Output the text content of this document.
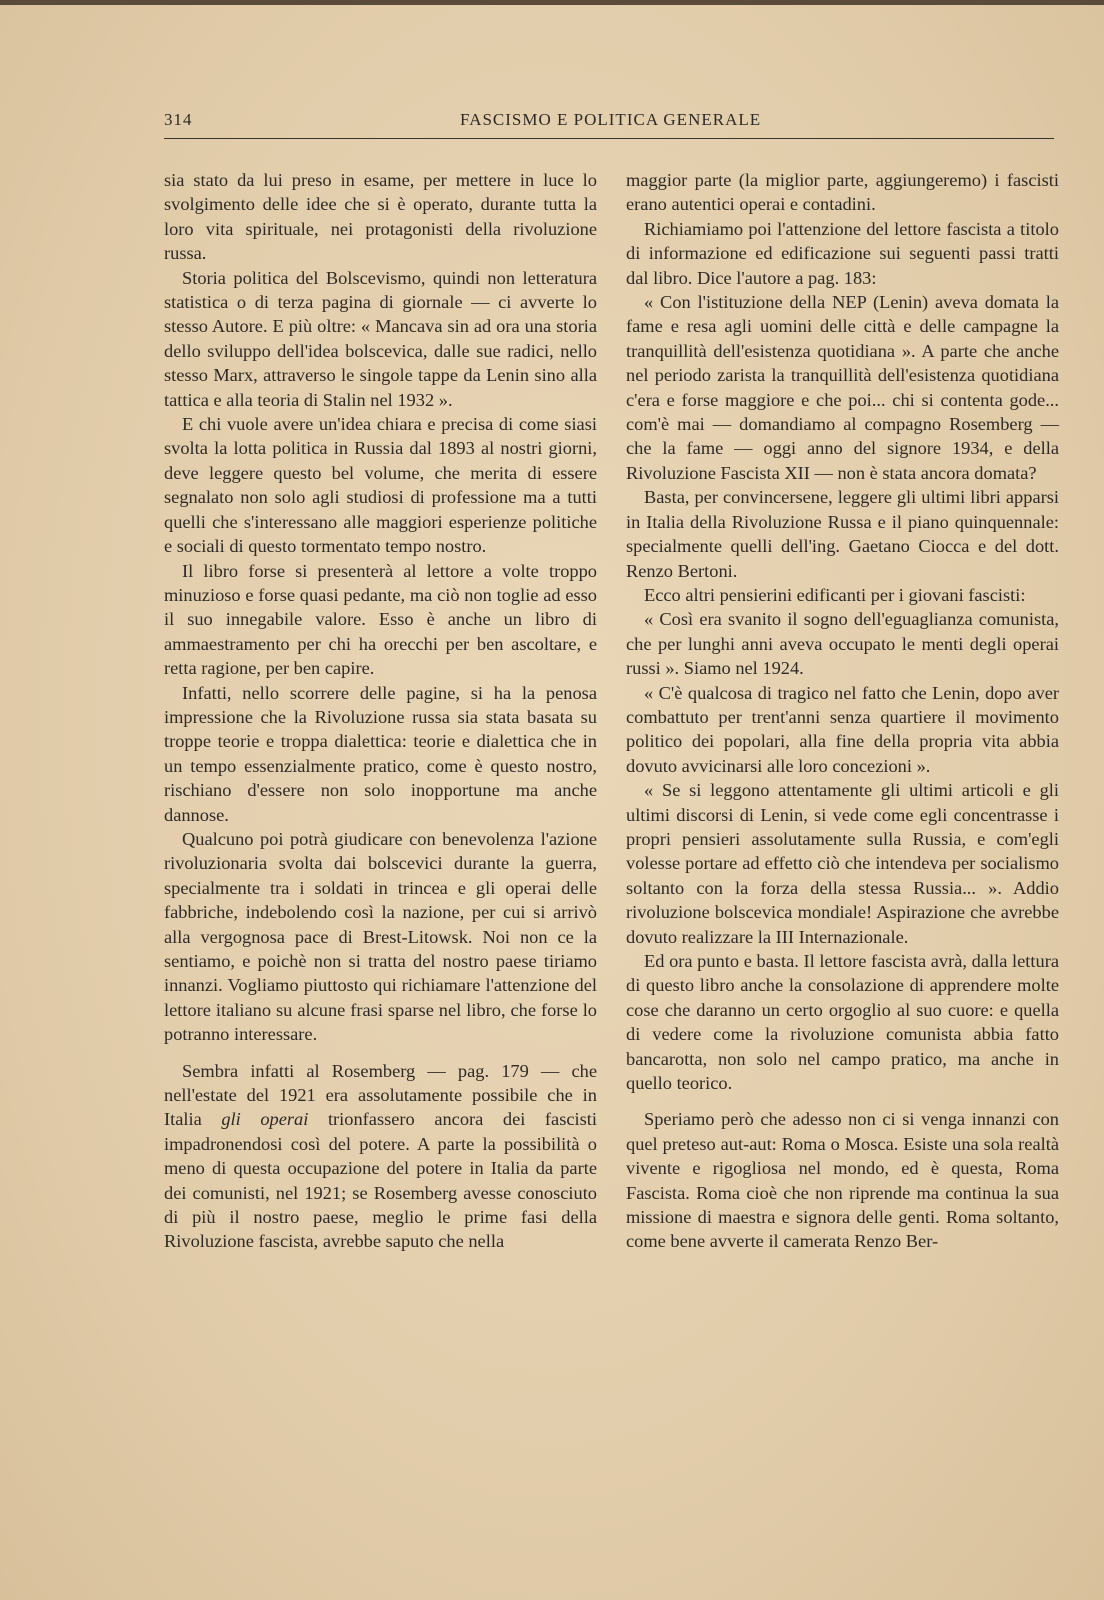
314	FASCISMO E POLITICA GENERALE

sia stato da lui preso in esame, per mettere in luce lo svolgimento delle idee che si è operato, durante tutta la loro vita spirituale, nei protagonisti della rivoluzione russa.

Storia politica del Bolscevismo, quindi non letteratura statistica o di terza pagina di giornale — ci avverte lo stesso Autore. E più oltre: « Mancava sin ad ora una storia dello sviluppo dell'idea bolscevica, dalle sue radici, nello stesso Marx, attraverso le singole tappe da Lenin sino alla tattica e alla teoria di Stalin nel 1932 ».

E chi vuole avere un'idea chiara e precisa di come siasi svolta la lotta politica in Russia dal 1893 al nostri giorni, deve leggere questo bel volume, che merita di essere segnalato non solo agli studiosi di professione ma a tutti quelli che s'interessano alle maggiori esperienze politiche e sociali di questo tormentato tempo nostro.

Il libro forse si presenterà al lettore a volte troppo minuzioso e forse quasi pedante, ma ciò non toglie ad esso il suo innegabile valore. Esso è anche un libro di ammaestramento per chi ha orecchi per ben ascoltare, e retta ragione, per ben capire.

Infatti, nello scorrere delle pagine, si ha la penosa impressione che la Rivoluzione russa sia stata basata su troppe teorie e troppa dialettica: teorie e dialettica che in un tempo essenzialmente pratico, come è questo nostro, rischiano d'essere non solo inopportune ma anche dannose.

Qualcuno poi potrà giudicare con benevolenza l'azione rivoluzionaria svolta dai bolscevici durante la guerra, specialmente tra i soldati in trincea e gli operai delle fabbriche, indebolendo così la nazione, per cui si arrivò alla vergognosa pace di Brest-Litowsk. Noi non ce la sentiamo, e poichè non si tratta del nostro paese tiriamo innanzi. Vogliamo piuttosto qui richiamare l'attenzione del lettore italiano su alcune frasi sparse nel libro, che forse lo potranno interessare.

Sembra infatti al Rosemberg — pag. 179 — che nell'estate del 1921 era assolutamente possibile che in Italia gli operai trionfassero ancora dei fascisti impadronendosi così del potere. A parte la possibilità o meno di questa occupazione del potere in Italia da parte dei comunisti, nel 1921; se Rosemberg avesse conosciuto di più il nostro paese, meglio le prime fasi della Rivoluzione fascista, avrebbe saputo che nella

maggior parte (la miglior parte, aggiungeremo) i fascisti erano autentici operai e contadini.

Richiamiamo poi l'attenzione del lettore fascista a titolo di informazione ed edificazione sui seguenti passi tratti dal libro. Dice l'autore a pag. 183:

« Con l'istituzione della NEP (Lenin) aveva domata la fame e resa agli uomini delle città e delle campagne la tranquillità dell'esistenza quotidiana ». A parte che anche nel periodo zarista la tranquillità dell'esistenza quotidiana c'era e forse maggiore e che poi... chi si contenta gode... com'è mai — domandiamo al compagno Rosemberg — che la fame — oggi anno del signore 1934, e della Rivoluzione Fascista XII — non è stata ancora domata?

Basta, per convincersene, leggere gli ultimi libri apparsi in Italia della Rivoluzione Russa e il piano quinquennale: specialmente quelli dell'ing. Gaetano Ciocca e del dott. Renzo Bertoni.

Ecco altri pensierini edificanti per i giovani fascisti:

« Così era svanito il sogno dell'eguaglianza comunista, che per lunghi anni aveva occupato le menti degli operai russi ». Siamo nel 1924.

« C'è qualcosa di tragico nel fatto che Lenin, dopo aver combattuto per trent'anni senza quartiere il movimento politico dei popolari, alla fine della propria vita abbia dovuto avvicinarsi alle loro concezioni ».

« Se si leggono attentamente gli ultimi articoli e gli ultimi discorsi di Lenin, si vede come egli concentrasse i propri pensieri assolutamente sulla Russia, e com'egli volesse portare ad effetto ciò che intendeva per socialismo soltanto con la forza della stessa Russia... ». Addio rivoluzione bolscevica mondiale! Aspirazione che avrebbe dovuto realizzare la III Internazionale.

Ed ora punto e basta. Il lettore fascista avrà, dalla lettura di questo libro anche la consolazione di apprendere molte cose che daranno un certo orgoglio al suo cuore: e quella di vedere come la rivoluzione comunista abbia fatto bancarotta, non solo nel campo pratico, ma anche in quello teorico.

Speriamo però che adesso non ci si venga innanzi con quel preteso aut-aut: Roma o Mosca. Esiste una sola realtà vivente e rigogliosa nel mondo, ed è questa, Roma Fascista. Roma cioè che non riprende ma continua la sua missione di maestra e signora delle genti. Roma soltanto, come bene avverte il camerata Renzo Ber-
